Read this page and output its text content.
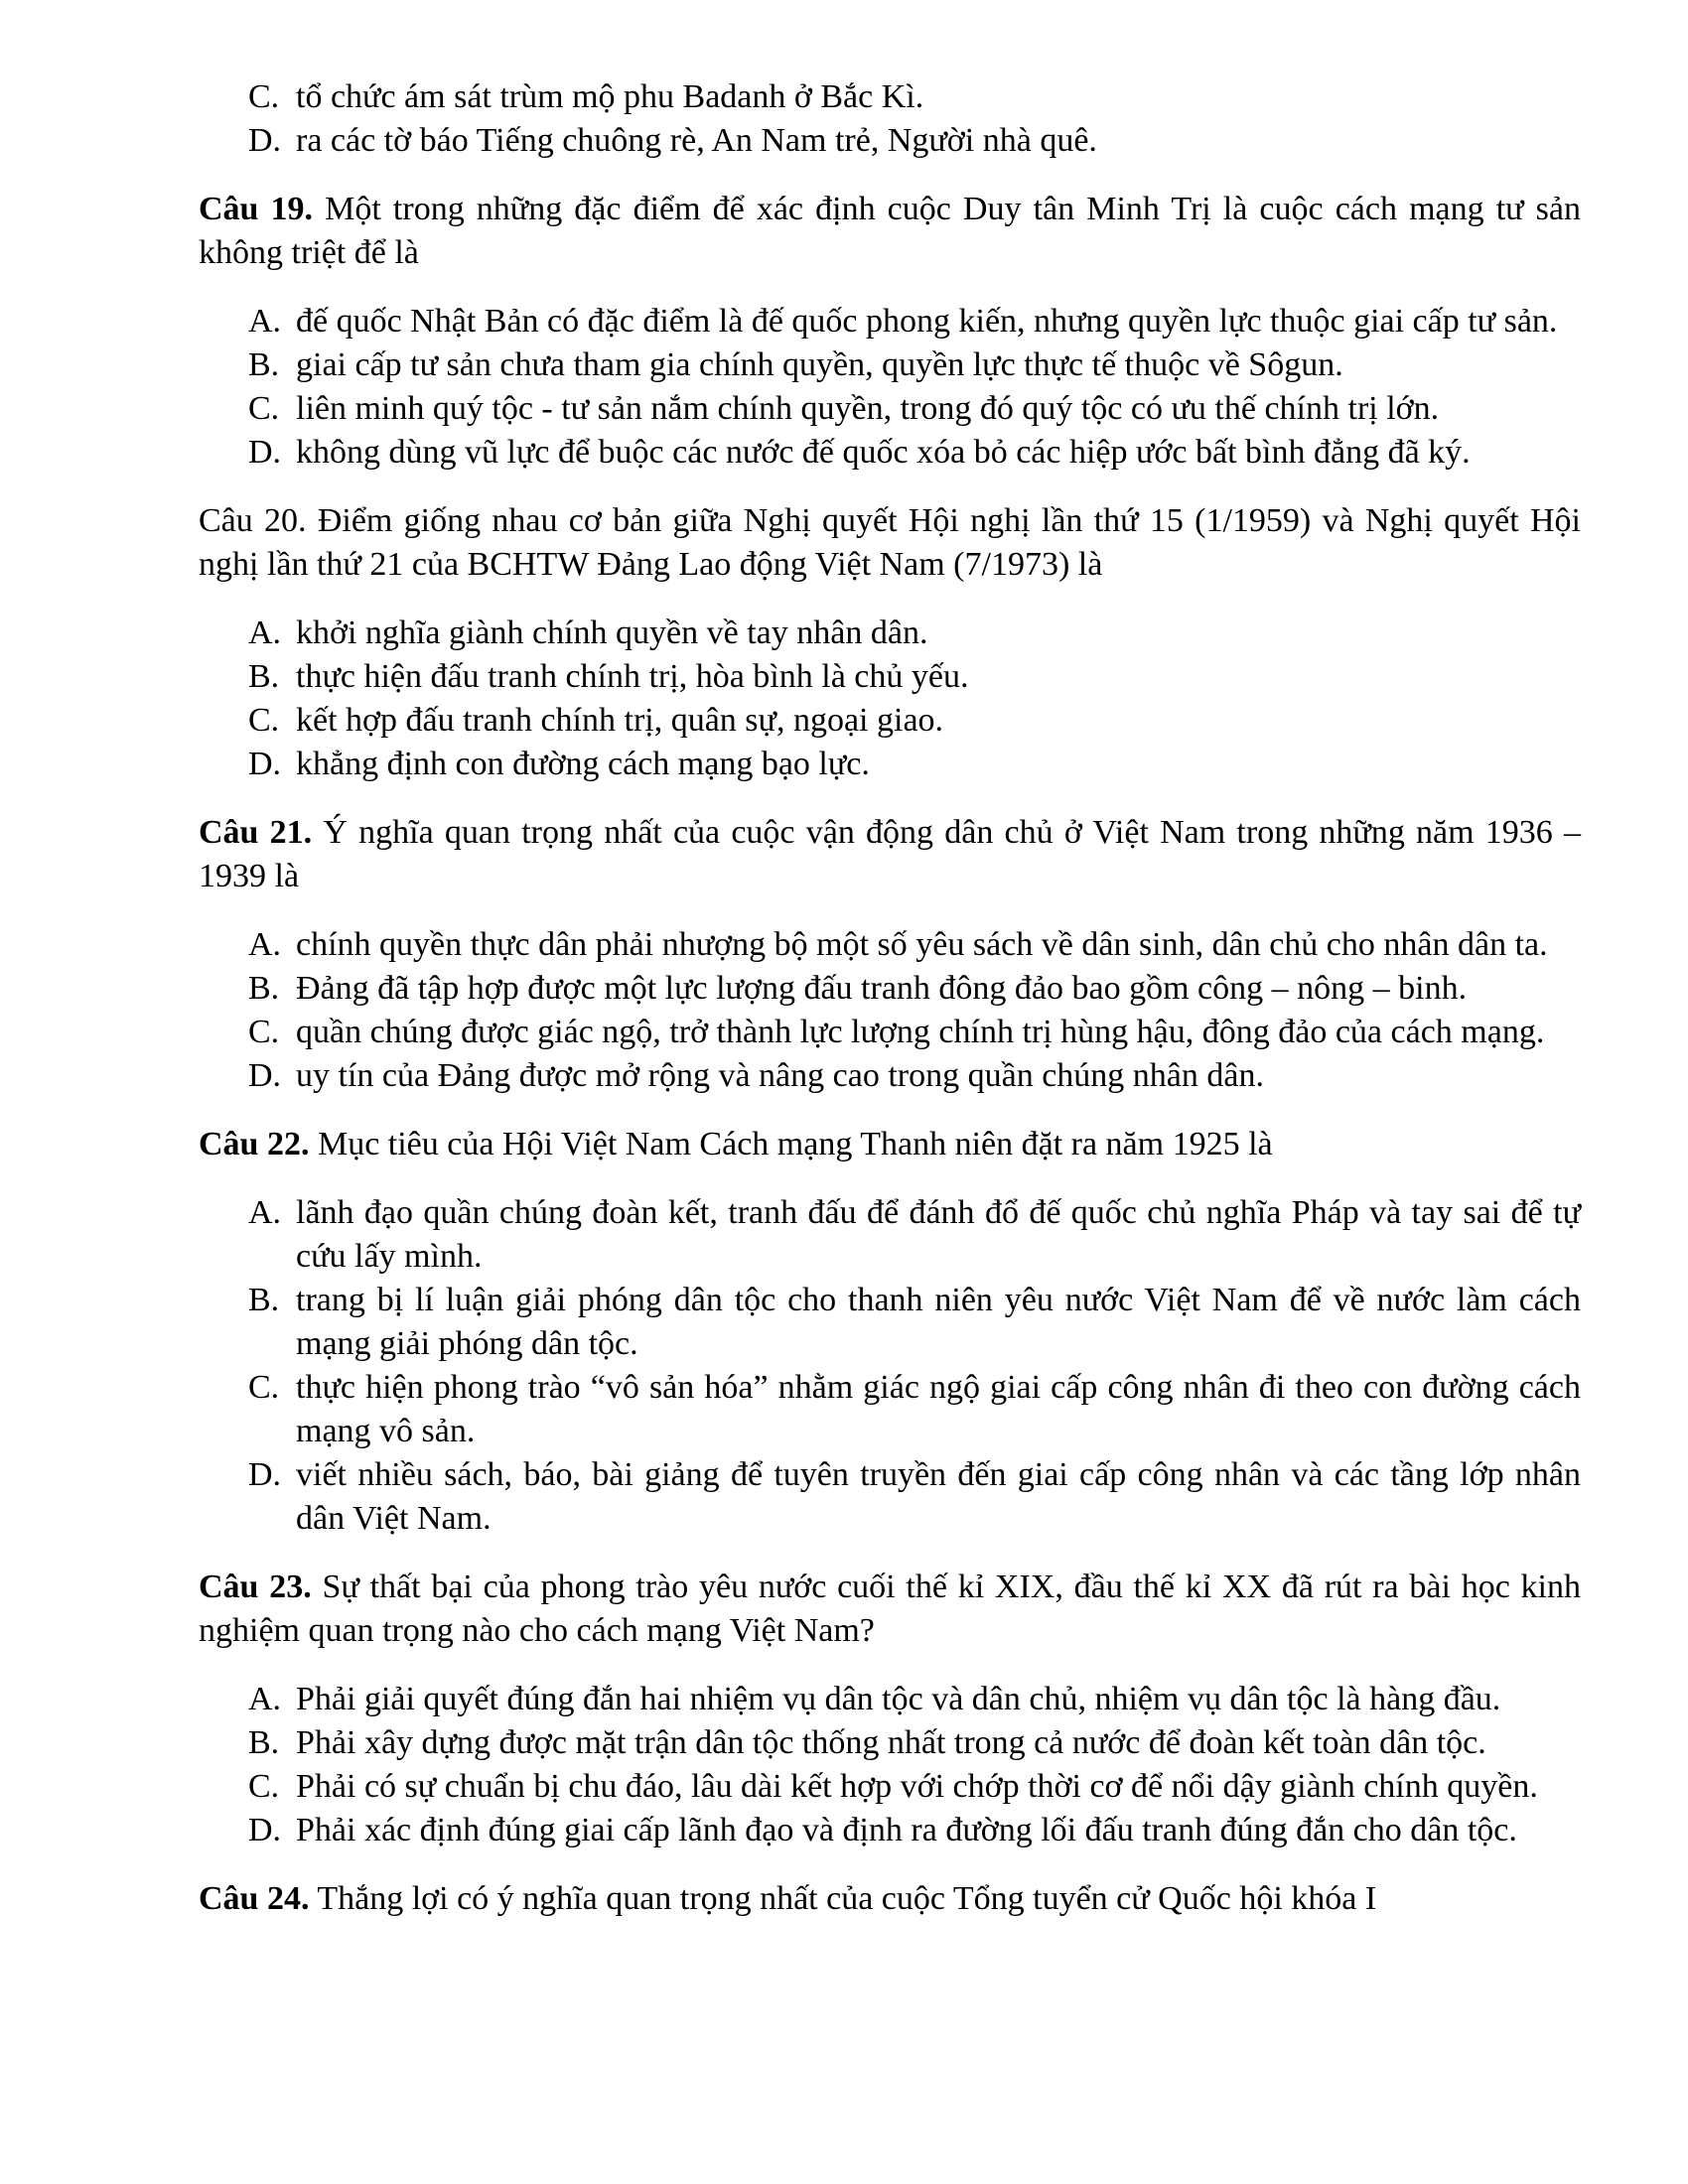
C. tổ chức ám sát trùm mộ phu Badanh ở Bắc Kì.
D. ra các tờ báo Tiếng chuông rè, An Nam trẻ, Người nhà quê.
Câu 19. Một trong những đặc điểm để xác định cuộc Duy tân Minh Trị là cuộc cách mạng tư sản không triệt để là
A. đế quốc Nhật Bản có đặc điểm là đế quốc phong kiến, nhưng quyền lực thuộc giai cấp tư sản.
B. giai cấp tư sản chưa tham gia chính quyền, quyền lực thực tế thuộc về Sôgun.
C. liên minh quý tộc - tư sản nắm chính quyền, trong đó quý tộc có ưu thế chính trị lớn.
D. không dùng vũ lực để buộc các nước đế quốc xóa bỏ các hiệp ước bất bình đẳng đã ký.
Câu 20. Điểm giống nhau cơ bản giữa Nghị quyết Hội nghị lần thứ 15 (1/1959) và Nghị quyết Hội nghị lần thứ 21 của BCHTW Đảng Lao động Việt Nam (7/1973) là
A. khởi nghĩa giành chính quyền về tay nhân dân.
B. thực hiện đấu tranh chính trị, hòa bình là chủ yếu.
C. kết hợp đấu tranh chính trị, quân sự, ngoại giao.
D. khẳng định con đường cách mạng bạo lực.
Câu 21. Ý nghĩa quan trọng nhất của cuộc vận động dân chủ ở Việt Nam trong những năm 1936 – 1939 là
A. chính quyền thực dân phải nhượng bộ một số yêu sách về dân sinh, dân chủ cho nhân dân ta.
B. Đảng đã tập hợp được một lực lượng đấu tranh đông đảo bao gồm công – nông – binh.
C. quần chúng được giác ngộ, trở thành lực lượng chính trị hùng hậu, đông đảo của cách mạng.
D. uy tín của Đảng được mở rộng và nâng cao trong quần chúng nhân dân.
Câu 22. Mục tiêu của Hội Việt Nam Cách mạng Thanh niên đặt ra năm 1925 là
A. lãnh đạo quần chúng đoàn kết, tranh đấu để đánh đổ đế quốc chủ nghĩa Pháp và tay sai để tự cứu lấy mình.
B. trang bị lí luận giải phóng dân tộc cho thanh niên yêu nước Việt Nam để về nước làm cách mạng giải phóng dân tộc.
C. thực hiện phong trào “vô sản hóa” nhằm giác ngộ giai cấp công nhân đi theo con đường cách mạng vô sản.
D. viết nhiều sách, báo, bài giảng để tuyên truyền đến giai cấp công nhân và các tầng lớp nhân dân Việt Nam.
Câu 23. Sự thất bại của phong trào yêu nước cuối thế kỉ XIX, đầu thế kỉ XX đã rút ra bài học kinh nghiệm quan trọng nào cho cách mạng Việt Nam?
A. Phải giải quyết đúng đắn hai nhiệm vụ dân tộc và dân chủ, nhiệm vụ dân tộc là hàng đầu.
B. Phải xây dựng được mặt trận dân tộc thống nhất trong cả nước để đoàn kết toàn dân tộc.
C. Phải có sự chuẩn bị chu đáo, lâu dài kết hợp với chớp thời cơ để nổi dậy giành chính quyền.
D. Phải xác định đúng giai cấp lãnh đạo và định ra đường lối đấu tranh đúng đắn cho dân tộc.
Câu 24. Thắng lợi có ý nghĩa quan trọng nhất của cuộc Tổng tuyển cử Quốc hội khóa I
